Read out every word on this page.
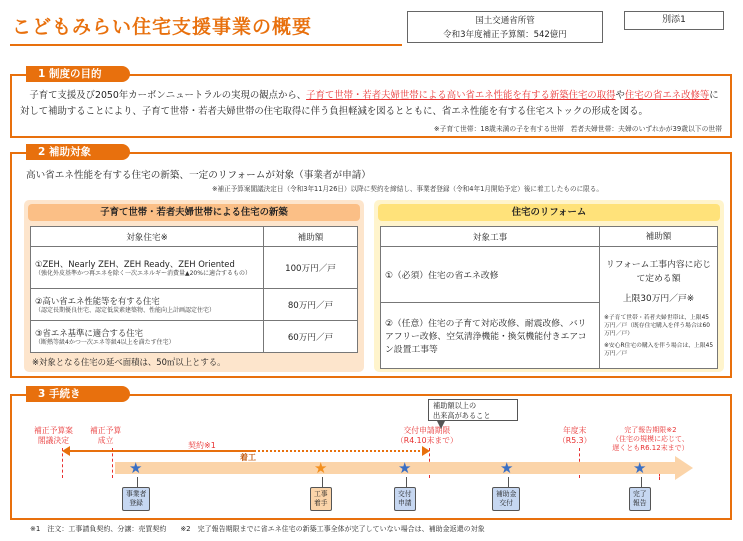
こどもみらい住宅支援事業の概要	国土交通省所管
令和3年度補正予算額：542億円
別添1
　子育て支援及び2050年カーボンニュートラルの実現の観点から、子育て世帯・若者夫婦世帯による高い省エネ性能を有する新築住宅の取得や住宅の省エネ改修等に対して補助することにより、子育て世帯・若者夫婦世帯の住宅取得に伴う負担軽減を図るとともに、省エネ性能を有する住宅ストックの形成を図る。
※子育て世帯：18歳未満の子を有する世帯　若者夫婦世帯：夫婦のいずれかが39歳以下の世帯
1 制度の目的
高い省エネ性能を有する住宅の新築、一定のリフォームが対象（事業者が申請）
※補正予算案閣議決定日（令和3年11月26日）以降に契約を締結し、事業者登録（令和4年1月開始予定）後に着工したものに限る。
子育て世帯・若者夫婦世帯による住宅の新築
対象住宅※	補助額
①ZEH、Nearly ZEH、ZEH Ready、ZEH Oriented
（強化外皮基準かつ再エネを除く一次エネルギー消費量▲20%に適合するもの）	100万円／戸
②高い省エネ性能等を有する住宅
（認定長期優良住宅、認定低炭素建築物、性能向上計画認定住宅）	80万円／戸
③省エネ基準に適合する住宅
（断熱等級4かつ一次エネ等級4以上を満たす住宅）	60万円／戸
※対象となる住宅の延べ面積は、50㎡以上とする。
住宅のリフォーム
対象工事	補助額
①（必須）住宅の省エネ改修	リフォーム工事内容に応じて定める額
上限30万円／戸※
※子育て世帯・若者夫婦世帯は、上限45万円／戸（既存住宅購入を伴う場合は60万円／戸）
※安心R住宅の購入を伴う場合は、上限45万円／戸

②（任意）住宅の子育て対応改修、耐震改修、バリアフリー改修、空気清浄機能・換気機能付きエアコン設置工事等	
2 補助対象
3 手続き
補正予算案
閣議決定
補正予算
成立
交付申請期限
（R4.10末まで）
年度末
（R5.3）
完了報告期限※2
（住宅の規模に応じて、
遅くともR6.12末まで）
契約※1
着工
補助額以上の
出来高があること
★	★	★	★	★
事業者
登録
工事
着手
交付
申請
補助金
交付
完了
報告
※1　注文：工事請負契約、分譲：売買契約　　※2　完了報告期限までに省エネ住宅の新築工事全体が完了していない場合は、補助金返還の対象
